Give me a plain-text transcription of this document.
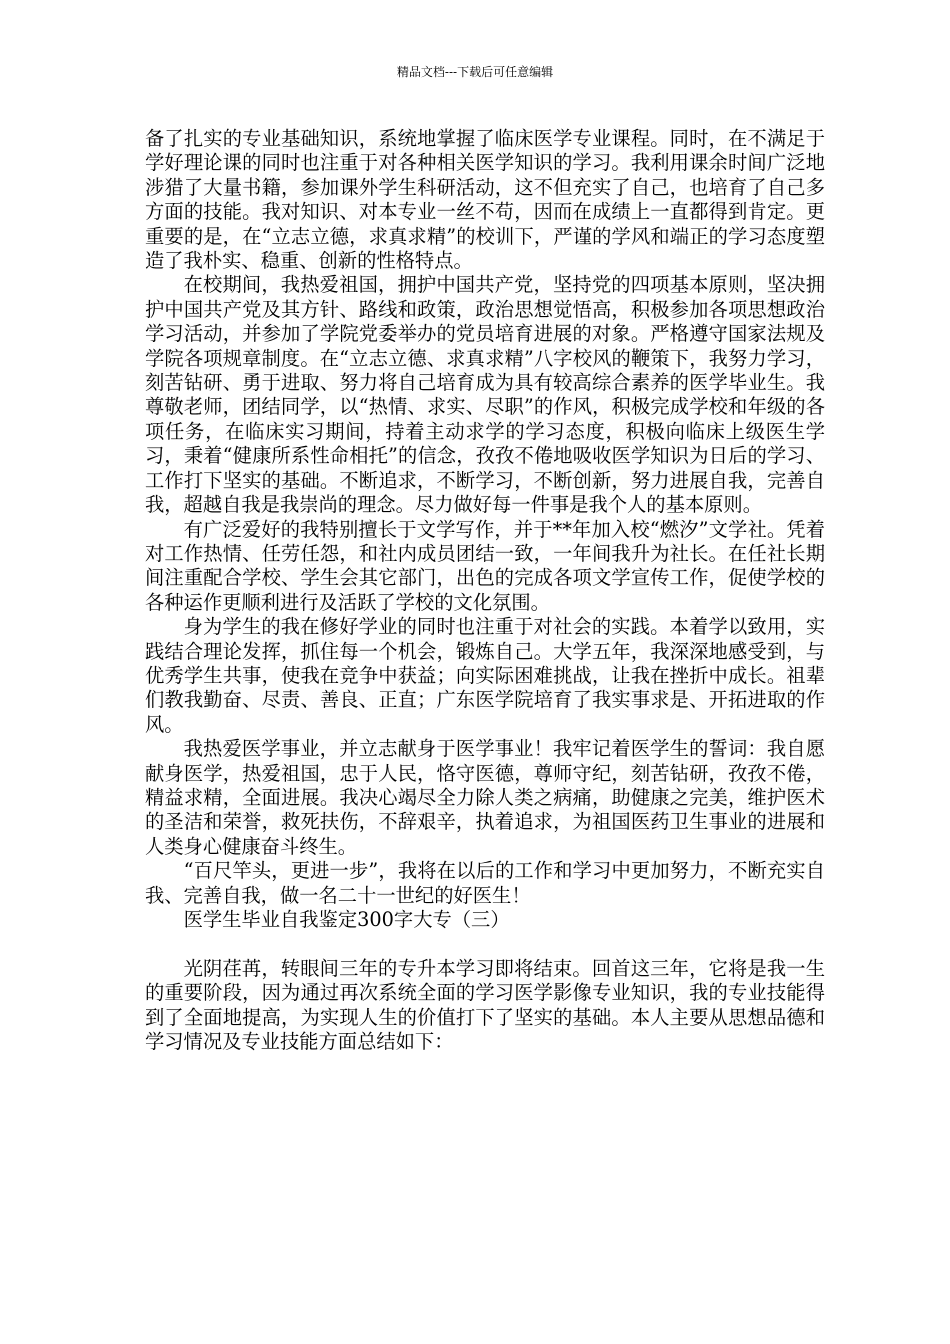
精品文档---下载后可任意编辑

备了扎实的专业基础知识，系统地掌握了临床医学专业课程。同时，在不满足于学好理论课的同时也注重于对各种相关医学知识的学习。我利用课余时间广泛地涉猎了大量书籍，参加课外学生科研活动，这不但充实了自己，也培育了自己多方面的技能。我对知识、对本专业一丝不苟，因而在成绩上一直都得到肯定。更重要的是，在“立志立德，求真求精”的校训下，严谨的学风和端正的学习态度塑造了我朴实、稳重、创新的性格特点。

在校期间，我热爱祖国，拥护中国共产党，坚持党的四项基本原则，坚决拥护中国共产党及其方针、路线和政策，政治思想觉悟高，积极参加各项思想政治学习活动，并参加了学院党委举办的党员培育进展的对象。严格遵守国家法规及学院各项规章制度。在“立志立德、求真求精”八字校风的鞭策下，我努力学习，刻苦钻研、勇于进取、努力将自己培育成为具有较高综合素养的医学毕业生。我尊敬老师，团结同学，以“热情、求实、尽职”的作风，积极完成学校和年级的各项任务，在临床实习期间，持着主动求学的学习态度，积极向临床上级医生学习，秉着“健康所系性命相托”的信念，孜孜不倦地吸收医学知识为日后的学习、工作打下坚实的基础。不断追求，不断学习，不断创新，努力进展自我，完善自我，超越自我是我崇尚的理念。尽力做好每一件事是我个人的基本原则。

有广泛爱好的我特别擅长于文学写作，并于**年加入校“燃汐”文学社。凭着对工作热情、任劳任怨，和社内成员团结一致，一年间我升为社长。在任社长期间注重配合学校、学生会其它部门，出色的完成各项文学宣传工作，促使学校的各种运作更顺利进行及活跃了学校的文化氛围。

身为学生的我在修好学业的同时也注重于对社会的实践。本着学以致用，实践结合理论发挥，抓住每一个机会，锻炼自己。大学五年，我深深地感受到，与优秀学生共事，使我在竞争中获益；向实际困难挑战，让我在挫折中成长。祖辈们教我勤奋、尽责、善良、正直；广东医学院培育了我实事求是、开拓进取的作风。

我热爱医学事业，并立志献身于医学事业！我牢记着医学生的誓词：我自愿献身医学，热爱祖国，忠于人民，恪守医德，尊师守纪，刻苦钻研，孜孜不倦，精益求精，全面进展。我决心竭尽全力除人类之病痛，助健康之完美，维护医术的圣洁和荣誉，救死扶伤，不辞艰辛，执着追求，为祖国医药卫生事业的进展和人类身心健康奋斗终生。

“百尺竿头，更进一步”，我将在以后的工作和学习中更加努力，不断充实自我、完善自我，做一名二十一世纪的好医生！

医学生毕业自我鉴定300字大专（三）

光阴荏苒，转眼间三年的专升本学习即将结束。回首这三年，它将是我一生的重要阶段，因为通过再次系统全面的学习医学影像专业知识，我的专业技能得到了全面地提高，为实现人生的价值打下了坚实的基础。本人主要从思想品德和学习情况及专业技能方面总结如下：
